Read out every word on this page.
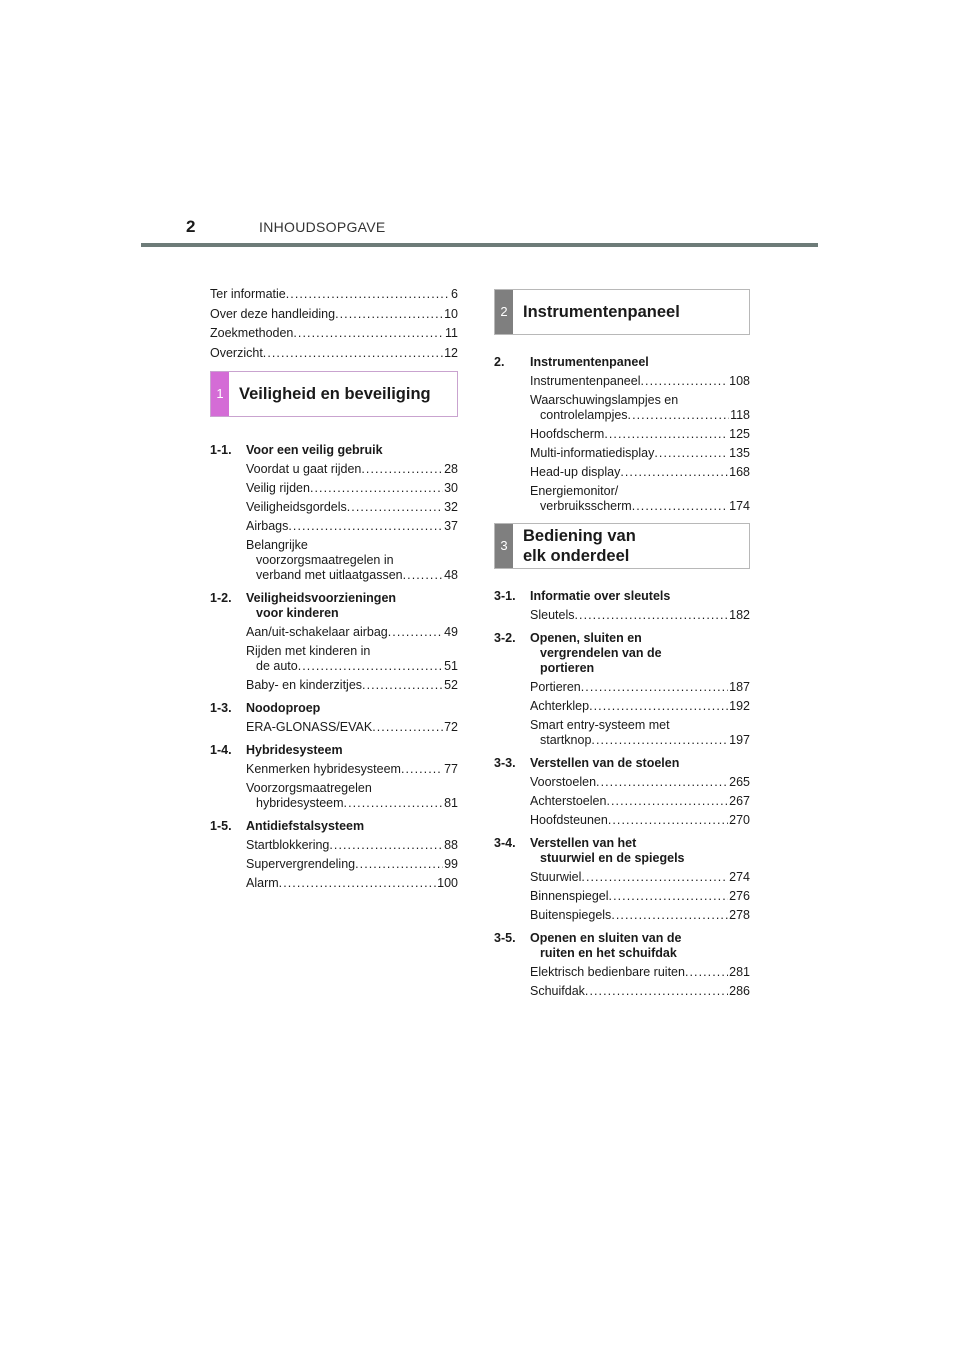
2	INHOUDSOPGAVE
Ter informatie . . .	6
Over deze handleiding . . .	10
Zoekmethoden . . .	11
Overzicht . . .	12
1 Veiligheid en beveiliging
1-1.	Voor een veilig gebruik
Voordat u gaat rijden . . .	28
Veilig rijden . . .	30
Veiligheidsgordels . . .	32
Airbags . . .	37
Belangrijke
voorzorgsmaatregelen in
verband met uitlaatgassen . . .	48
1-2.	Veiligheidsvoorzieningen
voor kinderen
Aan/uit-schakelaar airbag . . .	49
Rijden met kinderen in
de auto . . .	51
Baby- en kinderzitjes . . .	52
1-3.	Noodoproep
ERA-GLONASS/EVAK . . .	72
1-4.	Hybridesysteem
Kenmerken hybridesysteem . . .	77
Voorzorgsmaatregelen
hybridesysteem . . .	81
1-5.	Antidiefstalsysteem
Startblokkering . . .	88
Supervergrendeling . . .	99
Alarm . . .	100
2 Instrumentenpaneel
2.	Instrumentenpaneel
Instrumentenpaneel . . .	108
Waarschuwingslampjes en
controlelampjes . . .	118
Hoofdscherm . . .	125
Multi-informatiedisplay . . .	135
Head-up display . . .	168
Energiemonitor/
verbruiksscherm . . .	174
3
Bediening van
elk onderdeel
3-1.	Informatie over sleutels
Sleutels . . .	182
3-2.	Openen, sluiten en
vergrendelen van de
portieren
Portieren . . .	187
Achterklep . . .	192
Smart entry-systeem met
startknop . . .	197
3-3.	Verstellen van de stoelen
Voorstoelen . . .	265
Achterstoelen . . .	267
Hoofdsteunen . . .	270
3-4.	Verstellen van het
stuurwiel en de spiegels
Stuurwiel . . .	274
Binnenspiegel . . .	276
Buitenspiegels . . .	278
3-5.	Openen en sluiten van de
ruiten en het schuifdak
Elektrisch bedienbare ruiten . . .	281
Schuifdak . . .	286
